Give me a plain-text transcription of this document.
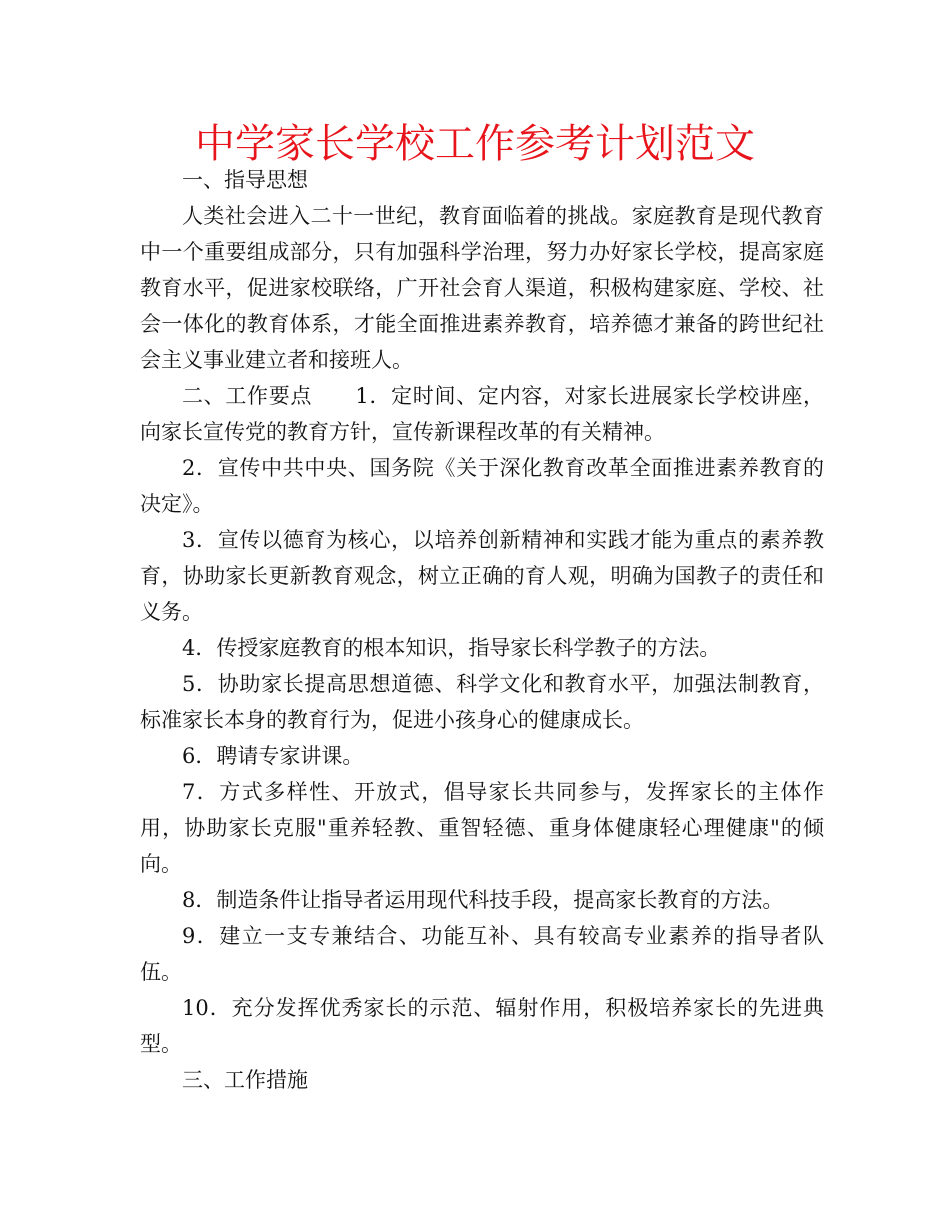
中学家长学校工作参考计划范文

一、指导思想

人类社会进入二十一世纪，教育面临着的挑战。家庭教育是现代教育中一个重要组成部分，只有加强科学治理，努力办好家长学校，提高家庭教育水平，促进家校联络，广开社会育人渠道，积极构建家庭、学校、社会一体化的教育体系，才能全面推进素养教育，培养德才兼备的跨世纪社会主义事业建立者和接班人。

二、工作要点　　1．定时间、定内容，对家长进展家长学校讲座，向家长宣传党的教育方针，宣传新课程改革的有关精神。

2．宣传中共中央、国务院《关于深化教育改革全面推进素养教育的决定》。

3．宣传以德育为核心，以培养创新精神和实践才能为重点的素养教育，协助家长更新教育观念，树立正确的育人观，明确为国教子的责任和义务。

4．传授家庭教育的根本知识，指导家长科学教子的方法。

5．协助家长提高思想道德、科学文化和教育水平，加强法制教育，标准家长本身的教育行为，促进小孩身心的健康成长。

6．聘请专家讲课。

7．方式多样性、开放式，倡导家长共同参与，发挥家长的主体作用，协助家长克服"重养轻教、重智轻德、重身体健康轻心理健康"的倾向。

8．制造条件让指导者运用现代科技手段，提高家长教育的方法。

9．建立一支专兼结合、功能互补、具有较高专业素养的指导者队伍。

10．充分发挥优秀家长的示范、辐射作用，积极培养家长的先进典型。

三、工作措施
